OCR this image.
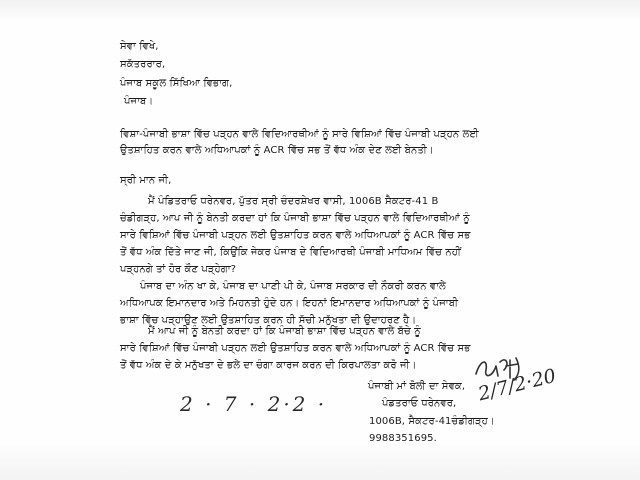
ਸੇਵਾ ਵਿਖੇ,
ਸਕੱਤਰਰਾਰ,
ਪੰਜਾਬ ਸਕੂਲ ਸਿੱਖਿਆ ਵਿਭਾਗ,
ਪੰਜਾਬ।
ਵਿਸ਼ਾ-ਪੰਜਾਬੀ ਭਾਸ਼ਾ ਵਿੱਚ ਪੜ੍ਹਨ ਵਾਲੇ ਵਿਦਿਆਰਥੀਆਂ ਨੂੰ ਸਾਰੇ ਵਿਸ਼ਿਆਂ ਵਿੱਚ ਪੰਜਾਬੀ ਪੜ੍ਹਨ ਲਈ
ਉਤਸ਼ਾਹਿਤ ਕਰਨ ਵਾਲੇ ਅਧਿਆਪਕਾਂ ਨੂੰ ACR ਵਿੱਚ ਸਭ ਤੋਂ ਵੱਧ ਅੰਕ ਦੇਣ ਲਈ ਬੇਨਤੀ।
ਸ੍ਰੀ ਮਾਨ ਜੀ,
ਮੈਂ ਪੰਡਿਤਰਾਓ ਧਰੇਨਵਰ, ਪੁੱਤਰ ਸ੍ਰੀ ਚੰਦਰਸ਼ੇਖਰ ਵਾਸੀ, 1006B ਸੈਕਟਰ-41 B
ਚੰਡੀਗੜ੍ਹ, ਆਪ ਜੀ ਨੂੰ ਬੇਨਤੀ ਕਰਦਾ ਹਾਂ ਕਿ ਪੰਜਾਬੀ ਭਾਸ਼ਾ ਵਿੱਚ ਪੜ੍ਹਨ ਵਾਲੇ ਵਿਦਿਆਰਥੀਆਂ ਨੂੰ
ਸਾਰੇ ਵਿਸ਼ਿਆਂ ਵਿੱਚ ਪੰਜਾਬੀ ਪੜ੍ਹਨ ਲਈ ਉਤਸ਼ਾਹਿਤ ਕਰਨ ਵਾਲੇ ਅਧਿਆਪਕਾਂ ਨੂੰ ACR ਵਿੱਚ ਸਭ
ਤੋਂ ਵੱਧ ਅੰਕ ਦਿੱਤੇ ਜਾਣ ਜੀ, ਕਿਉਂਕਿ ਜੇਕਰ ਪੰਜਾਬ ਦੇ ਵਿਦਿਆਰਥੀ ਪੰਜਾਬੀ ਮਾਧਿਅਮ ਵਿੱਚ ਨਹੀਂ
ਪੜ੍ਹਨਗੇ ਤਾਂ ਹੋਰ ਕੌਣ ਪੜ੍ਹੇਗਾ?
ਪੰਜਾਬ ਦਾ ਅੰਨ ਖਾ ਕੇ, ਪੰਜਾਬ ਦਾ ਪਾਣੀ ਪੀ ਕੇ, ਪੰਜਾਬ ਸਰਕਾਰ ਦੀ ਨੌਕਰੀ ਕਰਨ ਵਾਲੇ
ਅਧਿਆਪਕ ਇਮਾਨਦਾਰ ਅਤੇ ਮਿਹਨਤੀ ਹੁੰਦੇ ਹਨ। ਇਹਨਾਂ ਇਮਾਨਦਾਰ ਅਧਿਆਪਕਾਂ ਨੂੰ ਪੰਜਾਬੀ
ਭਾਸ਼ਾ ਵਿੱਚ ਪੜ੍ਹਾਉਣ ਲਈ ਉਤਸ਼ਾਹਿਤ ਕਰਨ ਹੀ ਸੱਚੀ ਮਨੁੱਖਤਾ ਦੀ ਉਦਾਹਰਣ ਹੈ।
ਮੈਂ ਆਪ ਜੀ ਨੂੰ ਬੇਨਤੀ ਕਰਦਾ ਹਾਂ ਕਿ ਪੰਜਾਬੀ ਭਾਸ਼ਾ ਵਿੱਚ ਪੜ੍ਹਨ ਵਾਲੇ ਬੱਚੇ ਨੂੰ
ਸਾਰੇ ਵਿਸ਼ਿਆਂ ਵਿੱਚ ਪੰਜਾਬੀ ਪੜ੍ਹਨ ਲਈ ਉਤਸ਼ਾਹਿਤ ਕਰਨ ਵਾਲੇ ਅਧਿਆਪਕਾਂ ਨੂੰ ACR ਵਿੱਚ ਸਭ
ਤੋਂ ਵੱਧ ਅੰਕ ਦੇ ਕੇ ਮਨੁੱਖਤਾ ਦੇ ਭਲੇ ਦਾ ਚੰਗਾ ਕਾਰਜ ਕਰਨ ਦੀ ਕਿਰਪਾਲਤਾ ਕਰੋ ਜੀ।
2 · 7 · 2·2 ·
ਪੰਜਾਬੀ ਮਾਂ ਬੋਲੀ ਦਾ ਸੇਵਕ,
ਪੰਡਤਰਾਓ ਧਰੇਨਵਰ,
1006B, ਸੈਕਟਰ-41ਚੰਡੀਗੜ੍ਹ।
9988351695.
2/7/2·20
